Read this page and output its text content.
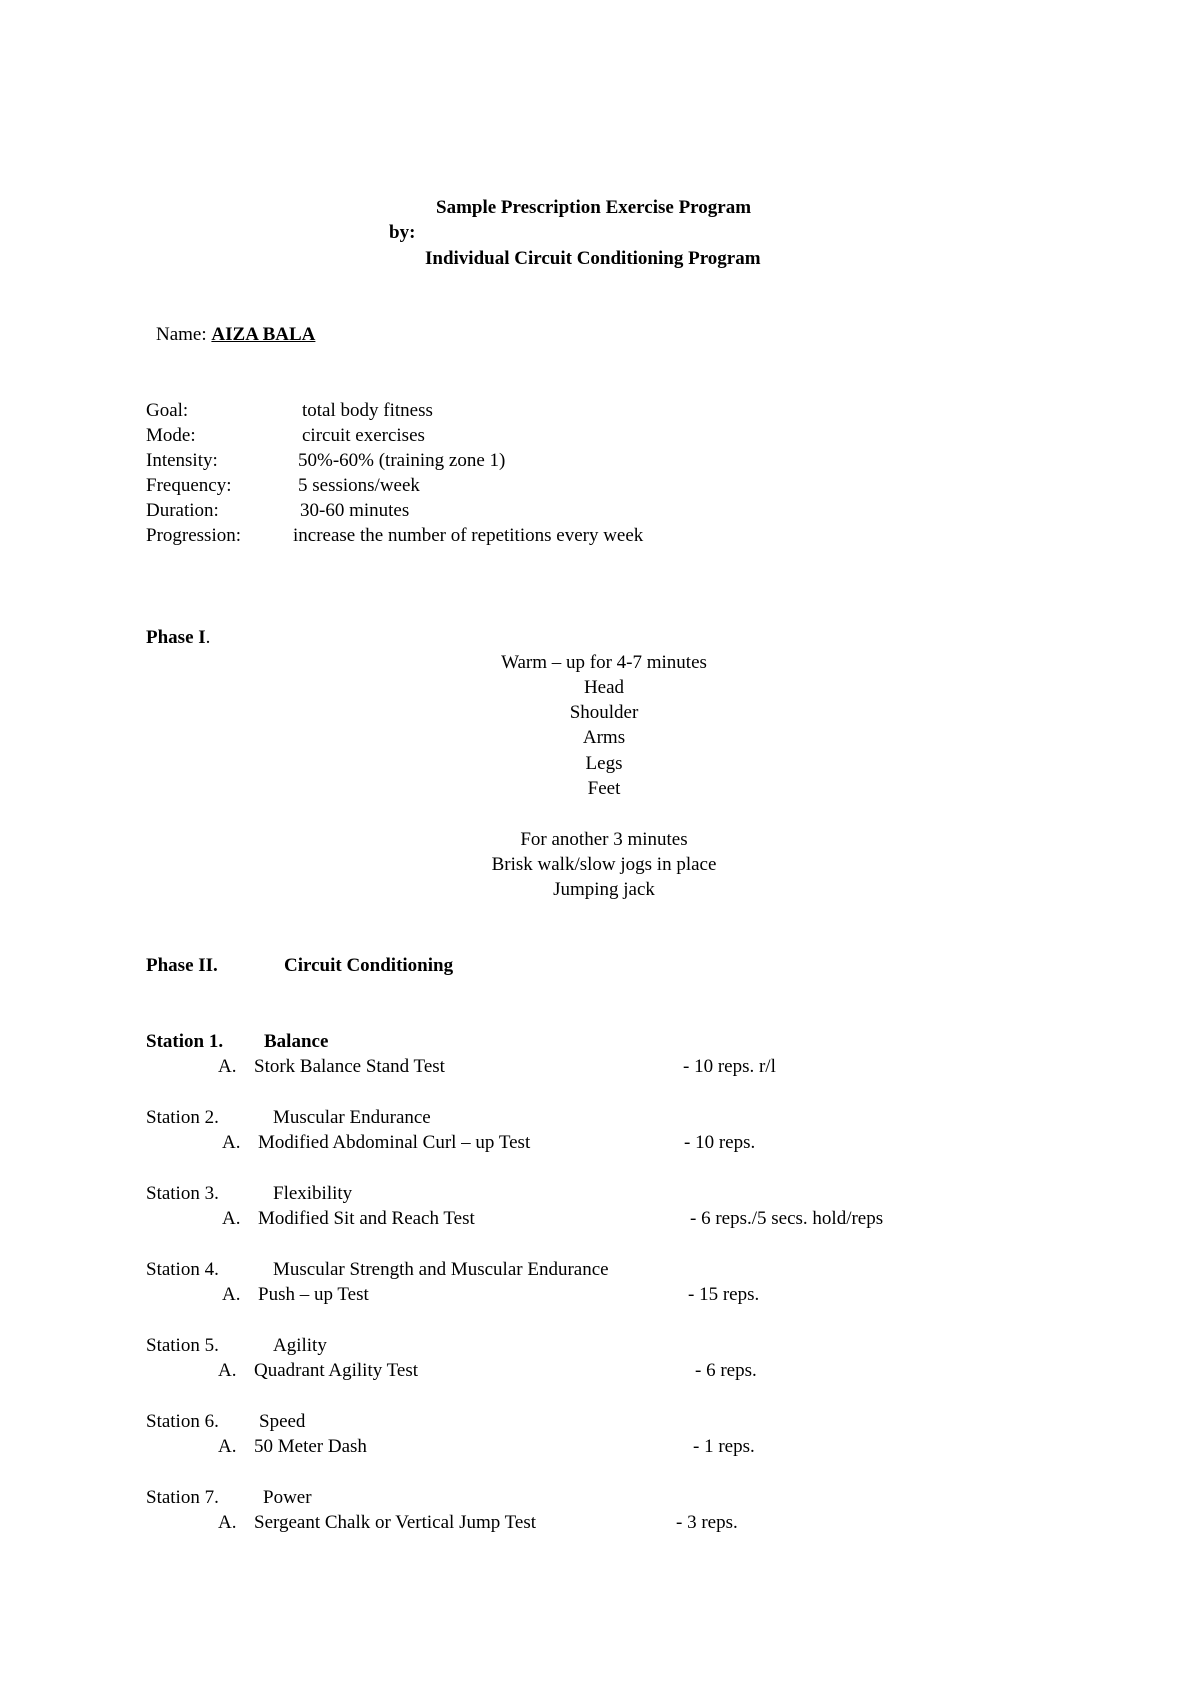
Sample Prescription Exercise Program
by:
Individual Circuit Conditioning Program
Name: AIZA BALA
Goal:	total body fitness
Mode:	circuit exercises
Intensity:	50%-60% (training zone 1)
Frequency:	5 sessions/week
Duration:	30-60 minutes
Progression:	increase the number of repetitions every week
Phase I.
Warm – up for 4-7 minutes
Head
Shoulder
Arms
Legs
Feet
For another 3 minutes
Brisk walk/slow jogs in place
Jumping jack
Phase II.	Circuit Conditioning
Station 1. Balance
A. Stork Balance Stand Test	- 10 reps. r/l
Station 2.	Muscular Endurance
A. Modified Abdominal Curl – up Test	- 10 reps.
Station 3.	Flexibility
A. Modified Sit and Reach Test	- 6 reps./5 secs. hold/reps
Station 4.	Muscular Strength and Muscular Endurance
A. Push – up Test	- 15 reps.
Station 5.	Agility
A. Quadrant Agility Test	- 6 reps.
Station 6. Speed
A. 50 Meter Dash	- 1 reps.
Station 7. Power
A. Sergeant Chalk or Vertical Jump Test	- 3 reps.
